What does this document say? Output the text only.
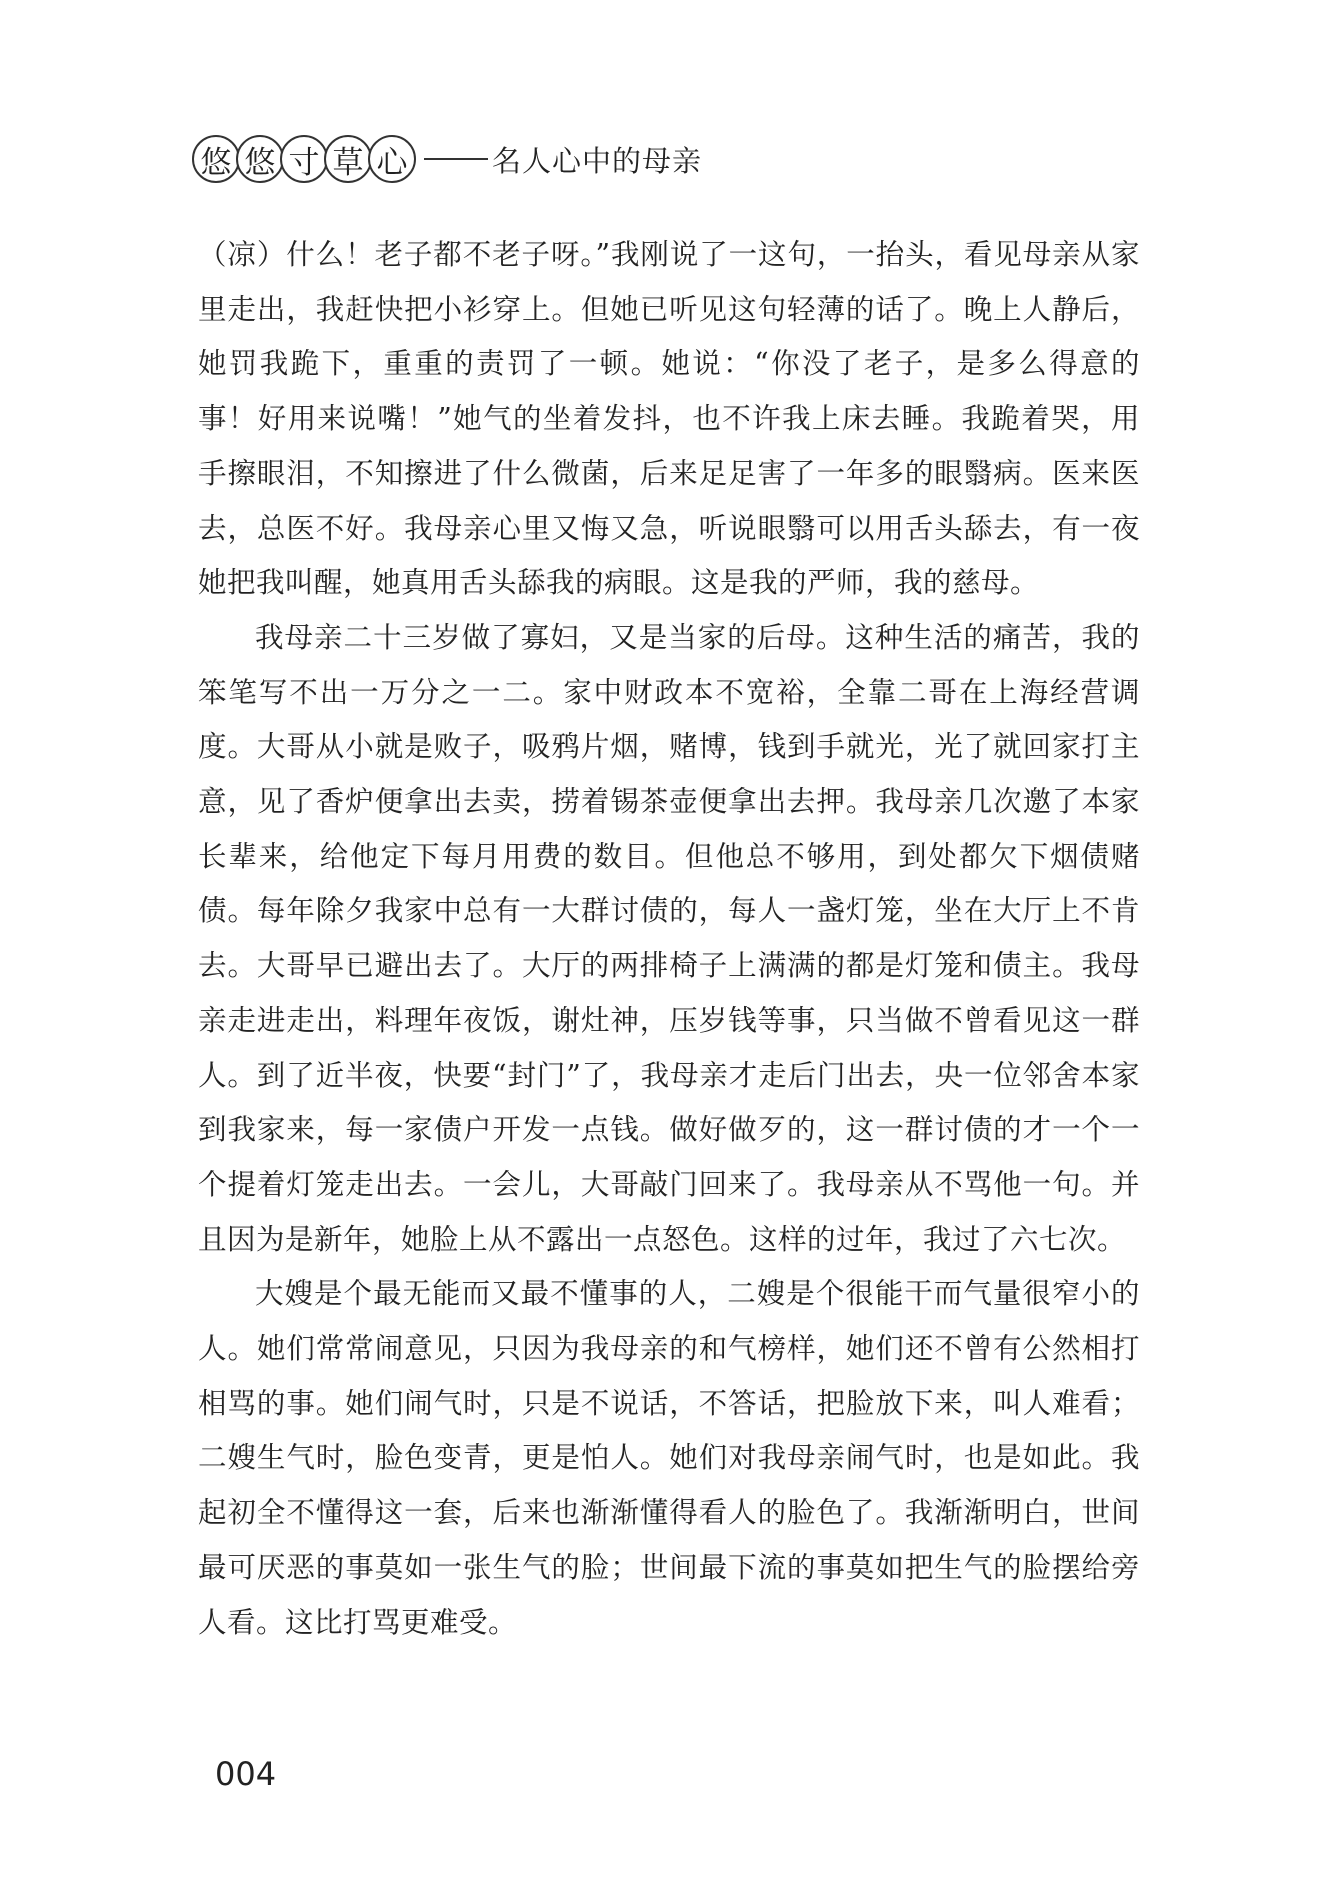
悠 悠 寸 草 心	名人心中的母亲

（凉）什么！老子都不老子呀。”我刚说了一这句，一抬头，看见母亲从家里走出，我赶快把小衫穿上。但她已听见这句轻薄的话了。晚上人静后，她罚我跪下，重重的责罚了一顿。她说：“你没了老子，是多么得意的事！好用来说嘴！”她气的坐着发抖，也不许我上床去睡。我跪着哭，用手擦眼泪，不知擦进了什么微菌，后来足足害了一年多的眼翳病。医来医去，总医不好。我母亲心里又悔又急，听说眼翳可以用舌头舔去，有一夜她把我叫醒，她真用舌头舔我的病眼。这是我的严师，我的慈母。

我母亲二十三岁做了寡妇，又是当家的后母。这种生活的痛苦，我的笨笔写不出一万分之一二。家中财政本不宽裕，全靠二哥在上海经营调度。大哥从小就是败子，吸鸦片烟，赌博，钱到手就光，光了就回家打主意，见了香炉便拿出去卖，捞着锡茶壶便拿出去押。我母亲几次邀了本家长辈来，给他定下每月用费的数目。但他总不够用，到处都欠下烟债赌债。每年除夕我家中总有一大群讨债的，每人一盏灯笼，坐在大厅上不肯去。大哥早已避出去了。大厅的两排椅子上满满的都是灯笼和债主。我母亲走进走出，料理年夜饭，谢灶神，压岁钱等事，只当做不曾看见这一群人。到了近半夜，快要“封门”了，我母亲才走后门出去，央一位邻舍本家到我家来，每一家债户开发一点钱。做好做歹的，这一群讨债的才一个一个提着灯笼走出去。一会儿，大哥敲门回来了。我母亲从不骂他一句。并且因为是新年，她脸上从不露出一点怒色。这样的过年，我过了六七次。

大嫂是个最无能而又最不懂事的人，二嫂是个很能干而气量很窄小的人。她们常常闹意见，只因为我母亲的和气榜样，她们还不曾有公然相打相骂的事。她们闹气时，只是不说话，不答话，把脸放下来，叫人难看；二嫂生气时，脸色变青，更是怕人。她们对我母亲闹气时，也是如此。我起初全不懂得这一套，后来也渐渐懂得看人的脸色了。我渐渐明白，世间最可厌恶的事莫如一张生气的脸；世间最下流的事莫如把生气的脸摆给旁人看。这比打骂更难受。

004
